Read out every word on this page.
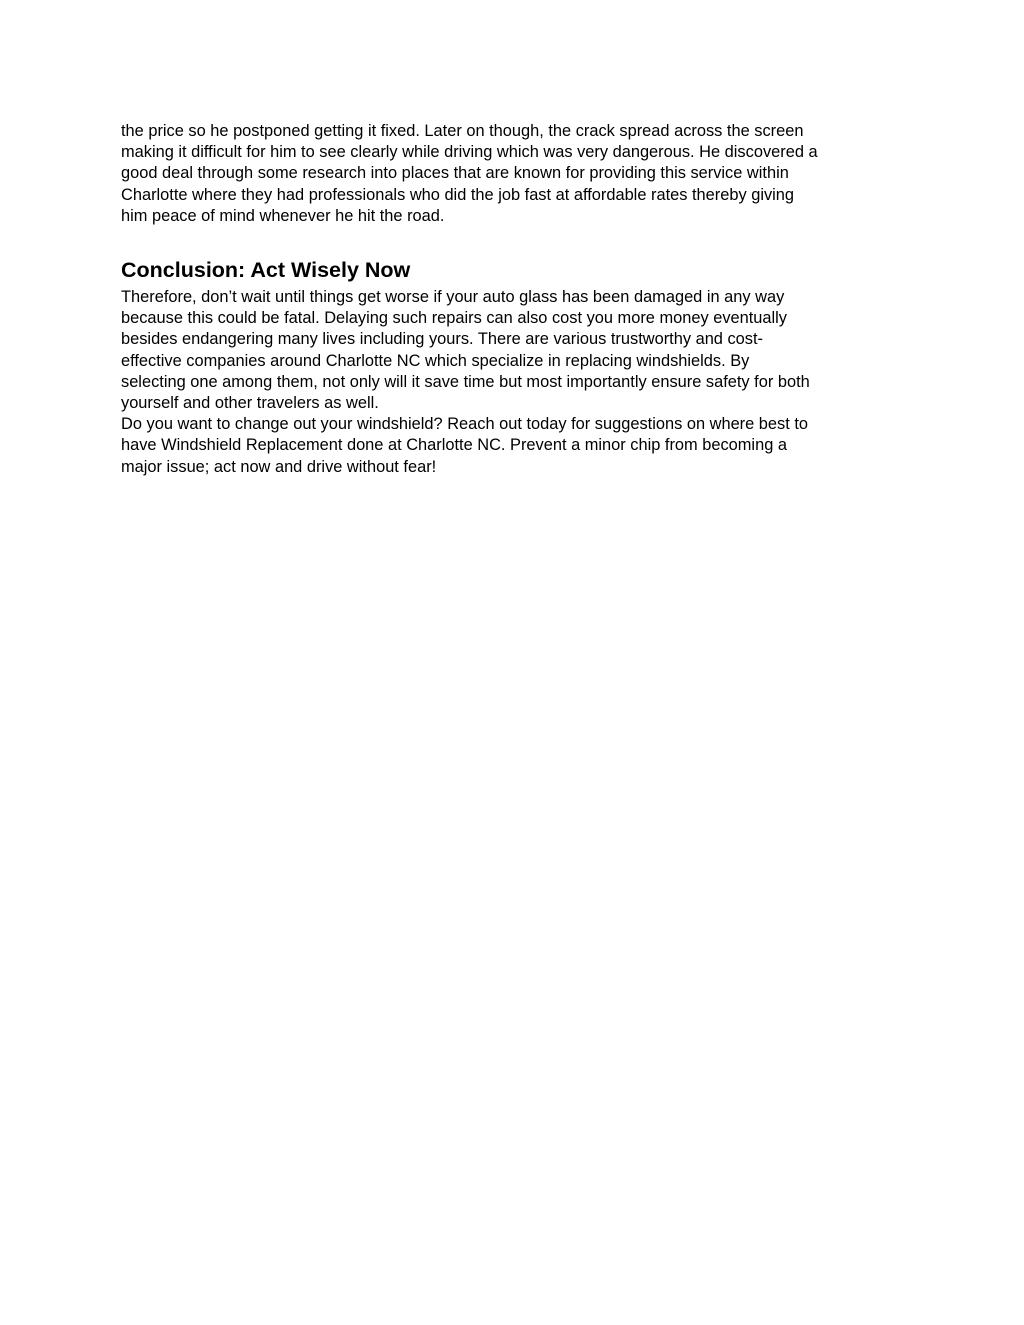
the price so he postponed getting it fixed. Later on though, the crack spread across the screen
making it difficult for him to see clearly while driving which was very dangerous. He discovered a
good deal through some research into places that are known for providing this service within
Charlotte where they had professionals who did the job fast at affordable rates thereby giving
him peace of mind whenever he hit the road.
Conclusion: Act Wisely Now
Therefore, don’t wait until things get worse if your auto glass has been damaged in any way
because this could be fatal. Delaying such repairs can also cost you more money eventually
besides endangering many lives including yours. There are various trustworthy and cost-
effective companies around Charlotte NC which specialize in replacing windshields. By
selecting one among them, not only will it save time but most importantly ensure safety for both
yourself and other travelers as well.
Do you want to change out your windshield? Reach out today for suggestions on where best to
have Windshield Replacement done at Charlotte NC. Prevent a minor chip from becoming a
major issue; act now and drive without fear!
